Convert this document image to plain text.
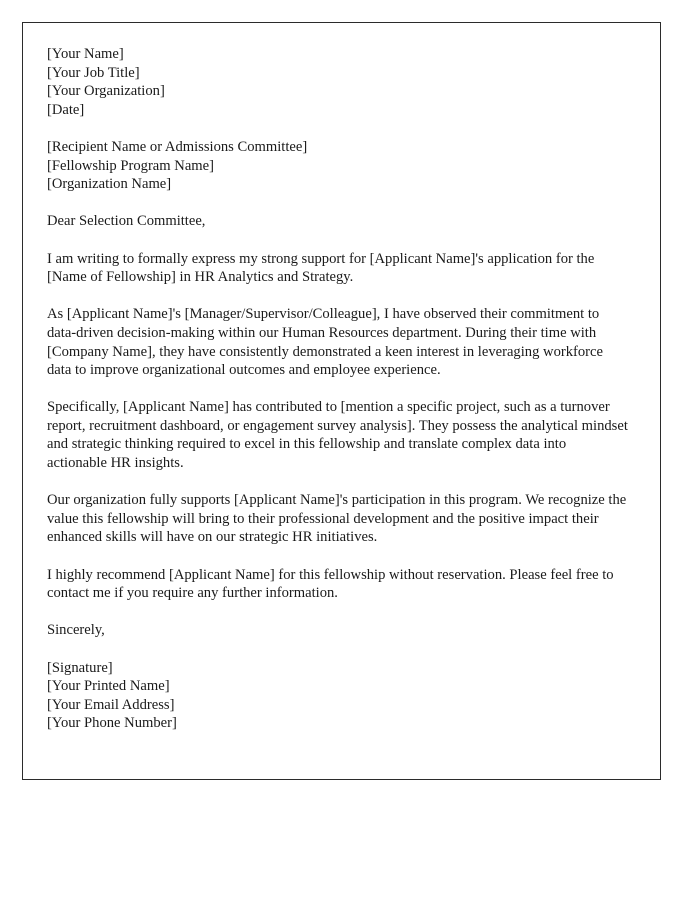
[Your Name]
[Your Job Title]
[Your Organization]
[Date]
[Recipient Name or Admissions Committee]
[Fellowship Program Name]
[Organization Name]

Dear Selection Committee,

I am writing to formally express my strong support for [Applicant Name]'s application for the [Name of Fellowship] in HR Analytics and Strategy.

As [Applicant Name]'s [Manager/Supervisor/Colleague], I have observed their commitment to data-driven decision-making within our Human Resources department. During their time with [Company Name], they have consistently demonstrated a keen interest in leveraging workforce data to improve organizational outcomes and employee experience.

Specifically, [Applicant Name] has contributed to [mention a specific project, such as a turnover report, recruitment dashboard, or engagement survey analysis]. They possess the analytical mindset and strategic thinking required to excel in this fellowship and translate complex data into actionable HR insights.

Our organization fully supports [Applicant Name]'s participation in this program. We recognize the value this fellowship will bring to their professional development and the positive impact their enhanced skills will have on our strategic HR initiatives.

I highly recommend [Applicant Name] for this fellowship without reservation. Please feel free to contact me if you require any further information.

Sincerely,

[Signature]
[Your Printed Name]
[Your Email Address]
[Your Phone Number]
